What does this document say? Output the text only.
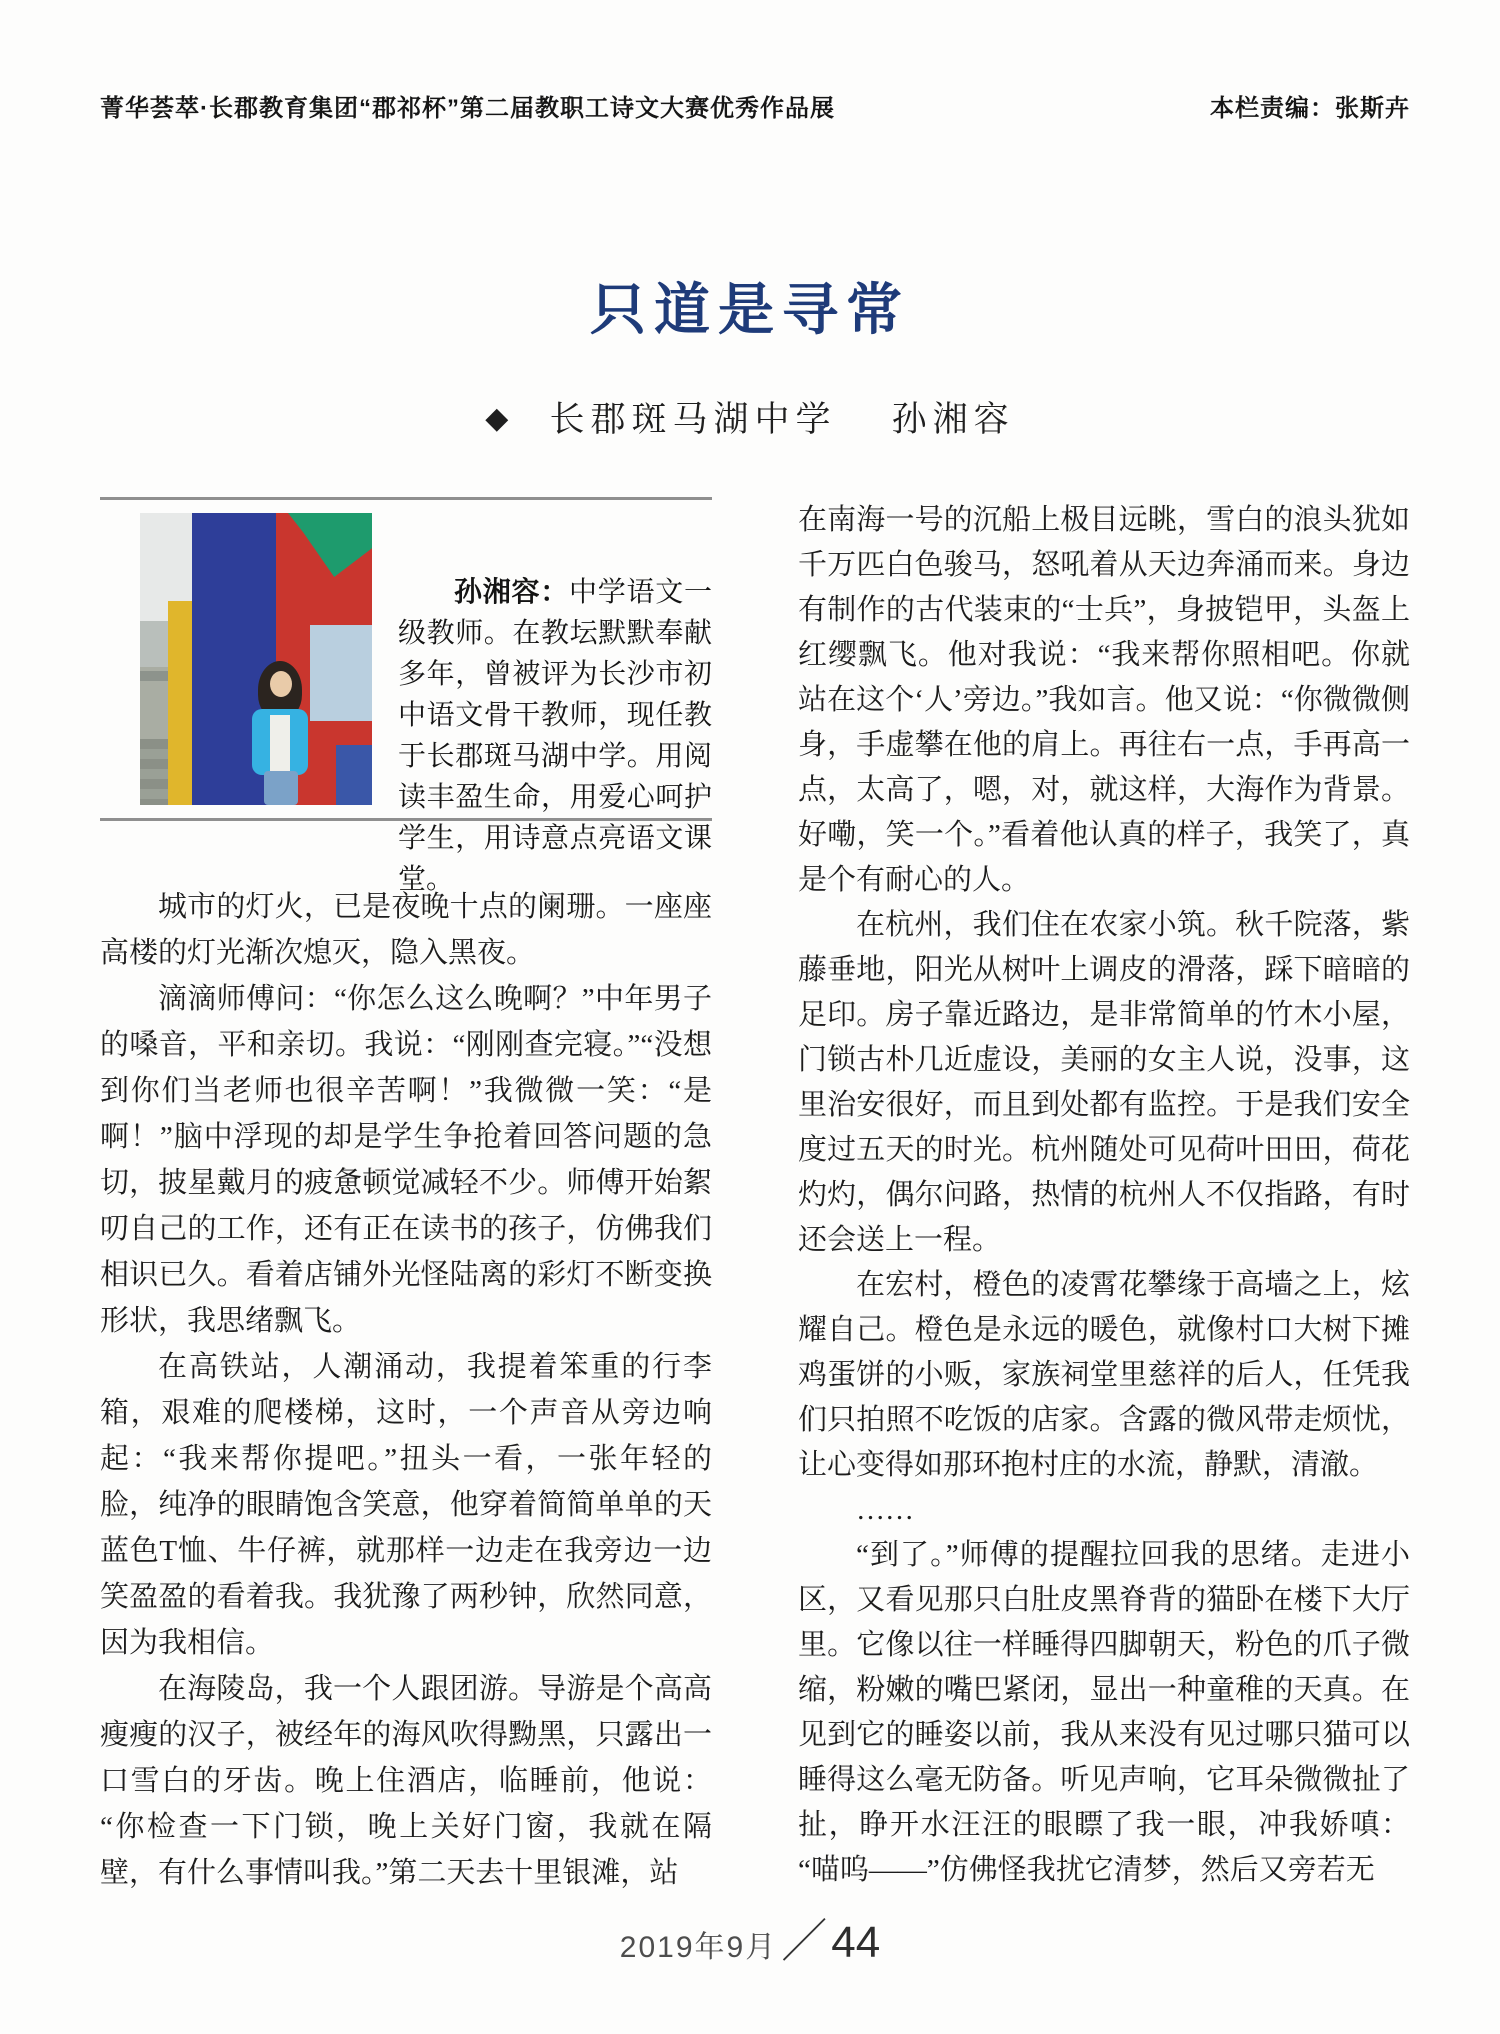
菁华荟萃·长郡教育集团“郡祁杯”第二届教职工诗文大赛优秀作品展	本栏责编：张斯卉
只道是寻常
◆ 长郡斑马湖中学 孙湘容

孙湘容：中学语文一级教师。在教坛默默奉献多年，曾被评为长沙市初中语文骨干教师，现任教于长郡斑马湖中学。用阅读丰盈生命，用爱心呵护学生，用诗意点亮语文课堂。

城市的灯火，已是夜晚十点的阑珊。一座座高楼的灯光渐次熄灭，隐入黑夜。

滴滴师傅问：“你怎么这么晚啊？”中年男子的嗓音，平和亲切。我说：“刚刚查完寝。”“没想到你们当老师也很辛苦啊！”我微微一笑：“是啊！”脑中浮现的却是学生争抢着回答问题的急切，披星戴月的疲惫顿觉减轻不少。师傅开始絮叨自己的工作，还有正在读书的孩子，仿佛我们相识已久。看着店铺外光怪陆离的彩灯不断变换形状，我思绪飘飞。

在高铁站，人潮涌动，我提着笨重的行李箱，艰难的爬楼梯，这时，一个声音从旁边响起：“我来帮你提吧。”扭头一看，一张年轻的脸，纯净的眼睛饱含笑意，他穿着简简单单的天蓝色T恤、牛仔裤，就那样一边走在我旁边一边笑盈盈的看着我。我犹豫了两秒钟，欣然同意，因为我相信。

在海陵岛，我一个人跟团游。导游是个高高瘦瘦的汉子，被经年的海风吹得黝黑，只露出一口雪白的牙齿。晚上住酒店，临睡前，他说：“你检查一下门锁，晚上关好门窗，我就在隔壁，有什么事情叫我。”第二天去十里银滩，站

在南海一号的沉船上极目远眺，雪白的浪头犹如千万匹白色骏马，怒吼着从天边奔涌而来。身边有制作的古代装束的“士兵”，身披铠甲，头盔上红缨飘飞。他对我说：“我来帮你照相吧。你就站在这个‘人’旁边。”我如言。他又说：“你微微侧身，手虚攀在他的肩上。再往右一点，手再高一点，太高了，嗯，对，就这样，大海作为背景。好嘞，笑一个。”看着他认真的样子，我笑了，真是个有耐心的人。

在杭州，我们住在农家小筑。秋千院落，紫藤垂地，阳光从树叶上调皮的滑落，踩下暗暗的足印。房子靠近路边，是非常简单的竹木小屋，门锁古朴几近虚设，美丽的女主人说，没事，这里治安很好，而且到处都有监控。于是我们安全度过五天的时光。杭州随处可见荷叶田田，荷花灼灼，偶尔问路，热情的杭州人不仅指路，有时还会送上一程。

在宏村，橙色的凌霄花攀缘于高墙之上，炫耀自己。橙色是永远的暖色，就像村口大树下摊鸡蛋饼的小贩，家族祠堂里慈祥的后人，任凭我们只拍照不吃饭的店家。含露的微风带走烦忧，让心变得如那环抱村庄的水流，静默，清澈。

……

“到了。”师傅的提醒拉回我的思绪。走进小区，又看见那只白肚皮黑脊背的猫卧在楼下大厅里。它像以往一样睡得四脚朝天，粉色的爪子微缩，粉嫩的嘴巴紧闭，显出一种童稚的天真。在见到它的睡姿以前，我从来没有见过哪只猫可以睡得这么毫无防备。听见声响，它耳朵微微扯了扯，睁开水汪汪的眼瞟了我一眼，冲我娇嗔：“喵呜——”仿佛怪我扰它清梦，然后又旁若无

2019年9月 ／ 44
